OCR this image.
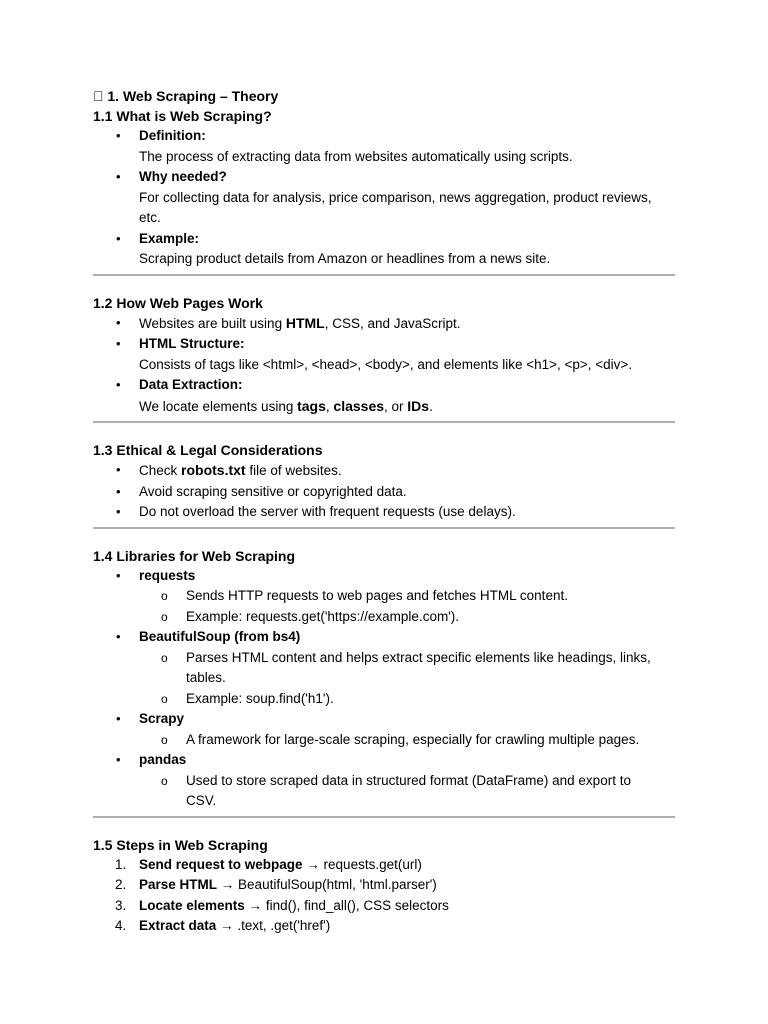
1. Web Scraping – Theory
1.1 What is Web Scraping?
• Definition:
The process of extracting data from websites automatically using scripts.
• Why needed?
For collecting data for analysis, price comparison, news aggregation, product reviews,
etc.
• Example:
Scraping product details from Amazon or headlines from a news site.
1.2 How Web Pages Work
• Websites are built using HTML, CSS, and JavaScript.
• HTML Structure:
Consists of tags like <html>, <head>, <body>, and elements like <h1>, <p>, <div>.
• Data Extraction:
We locate elements using tags, classes, or IDs.
1.3 Ethical & Legal Considerations
• Check robots.txt file of websites.
• Avoid scraping sensitive or copyrighted data.
• Do not overload the server with frequent requests (use delays).
1.4 Libraries for Web Scraping
• requests
o Sends HTTP requests to web pages and fetches HTML content.
o Example: requests.get('https://example.com').
• BeautifulSoup (from bs4)
o Parses HTML content and helps extract specific elements like headings, links,
tables.
o Example: soup.find('h1').
• Scrapy
o A framework for large-scale scraping, especially for crawling multiple pages.
• pandas
o Used to store scraped data in structured format (DataFrame) and export to
CSV.
1.5 Steps in Web Scraping
1. Send request to webpage → requests.get(url)
2. Parse HTML → BeautifulSoup(html, 'html.parser')
3. Locate elements → find(), find_all(), CSS selectors
4. Extract data → .text, .get('href')
